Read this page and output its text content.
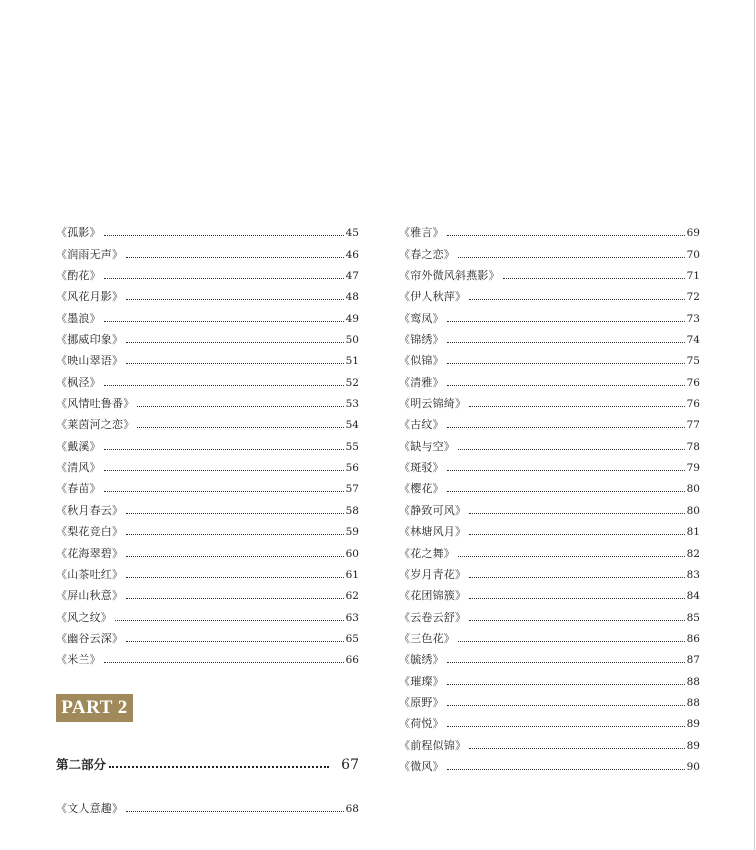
《孤影》	45
《润雨无声》	46
《酌花》	47
《风花月影》	48
《墨浪》	49
《挪威印象》	50
《映山翠语》	51
《枫泾》	52
《风情吐鲁番》	53
《莱茵河之恋》	54
《戴溪》	55
《清风》	56
《春苗》	57
《秋月春云》	58
《梨花竞白》	59
《花海翠碧》	60
《山茶吐红》	61
《屏山秋意》	62
《风之纹》	63
《幽谷云深》	65
《米兰》	66
《雅言》	69
《春之恋》	70
《帘外微风斜燕影》	71
《伊人秋萍》	72
《鸾凤》	73
《锦绣》	74
《似锦》	75
《清雅》	76
《明云锦绮》	76
《古纹》	77
《缺与空》	78
《斑驳》	79
《樱花》	80
《静致可风》	80
《林塘风月》	81
《花之舞》	82
《岁月青花》	83
《花团锦簇》	84
《云卷云舒》	85
《三色花》	86
《毓绣》	87
《璀璨》	88
《原野》	88
《荷悦》	89
《前程似锦》	89
《微风》	90
PART 2
第二部分	67
《文人意趣》	68
